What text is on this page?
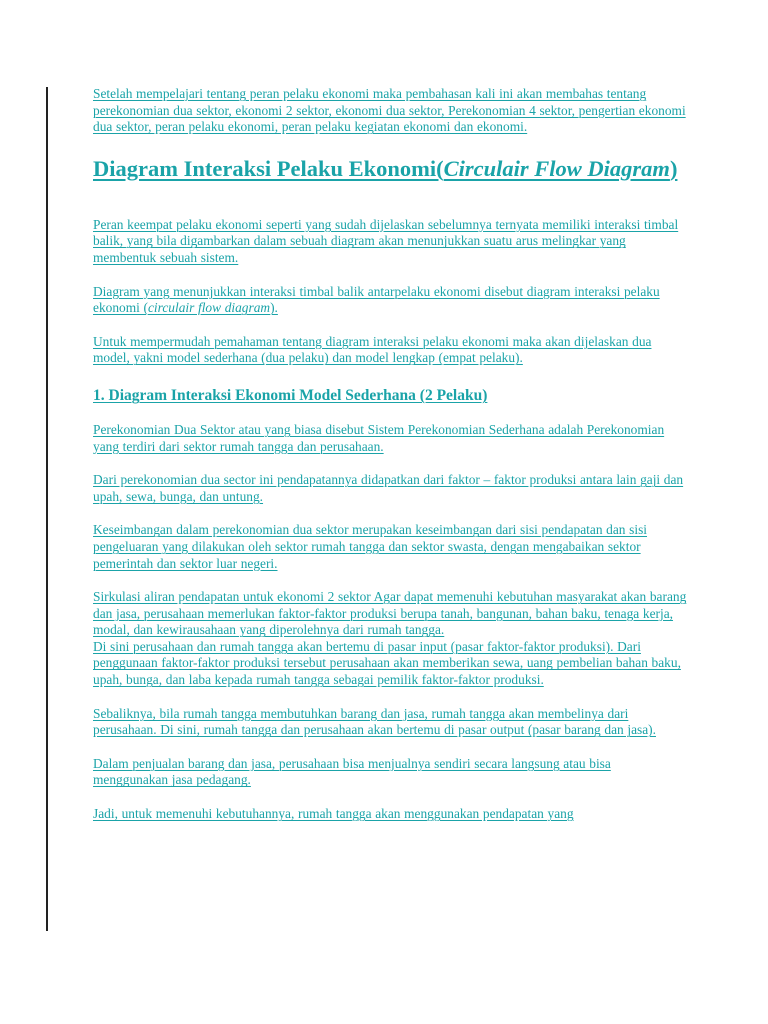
Setelah mempelajari tentang peran pelaku ekonomi maka pembahasan kali ini akan membahas tentang perekonomian dua sektor, ekonomi 2 sektor, ekonomi dua sektor, Perekonomian 4 sektor, pengertian ekonomi dua sektor, peran pelaku ekonomi, peran pelaku kegiatan ekonomi dan ekonomi.

Diagram Interaksi Pelaku Ekonomi(Circulair Flow Diagram)

Peran keempat pelaku ekonomi seperti yang sudah dijelaskan sebelumnya ternyata memiliki interaksi timbal balik, yang bila digambarkan dalam sebuah diagram akan menunjukkan suatu arus melingkar yang membentuk sebuah sistem.

Diagram yang menunjukkan interaksi timbal balik antarpelaku ekonomi disebut diagram interaksi pelaku ekonomi (circulair flow diagram).

Untuk mempermudah pemahaman tentang diagram interaksi pelaku ekonomi maka akan dijelaskan dua model, yakni model sederhana (dua pelaku) dan model lengkap (empat pelaku).

1. Diagram Interaksi Ekonomi Model Sederhana (2 Pelaku)

Perekonomian Dua Sektor atau yang biasa disebut Sistem Perekonomian Sederhana adalah Perekonomian yang terdiri dari sektor rumah tangga dan perusahaan.

Dari perekonomian dua sector ini pendapatannya didapatkan dari faktor – faktor produksi antara lain gaji dan upah, sewa, bunga, dan untung.

Keseimbangan dalam perekonomian dua sektor merupakan keseimbangan dari sisi pendapatan dan sisi pengeluaran yang dilakukan oleh sektor rumah tangga dan sektor swasta, dengan mengabaikan sektor pemerintah dan sektor luar negeri.

Sirkulasi aliran pendapatan untuk ekonomi 2 sektor Agar dapat memenuhi kebutuhan masyarakat akan barang dan jasa, perusahaan memerlukan faktor-faktor produksi berupa tanah, bangunan, bahan baku, tenaga kerja, modal, dan kewirausahaan yang diperolehnya dari rumah tangga.

Di sini perusahaan dan rumah tangga akan bertemu di pasar input (pasar faktor-faktor produksi). Dari penggunaan faktor-faktor produksi tersebut perusahaan akan memberikan sewa, uang pembelian bahan baku, upah, bunga, dan laba kepada rumah tangga sebagai pemilik faktor-faktor produksi.

Sebaliknya, bila rumah tangga membutuhkan barang dan jasa, rumah tangga akan membelinya dari perusahaan. Di sini, rumah tangga dan perusahaan akan bertemu di pasar output (pasar barang dan jasa).

Dalam penjualan barang dan jasa, perusahaan bisa menjualnya sendiri secara langsung atau bisa menggunakan jasa pedagang.

Jadi, untuk memenuhi kebutuhannya, rumah tangga akan menggunakan pendapatan yang
